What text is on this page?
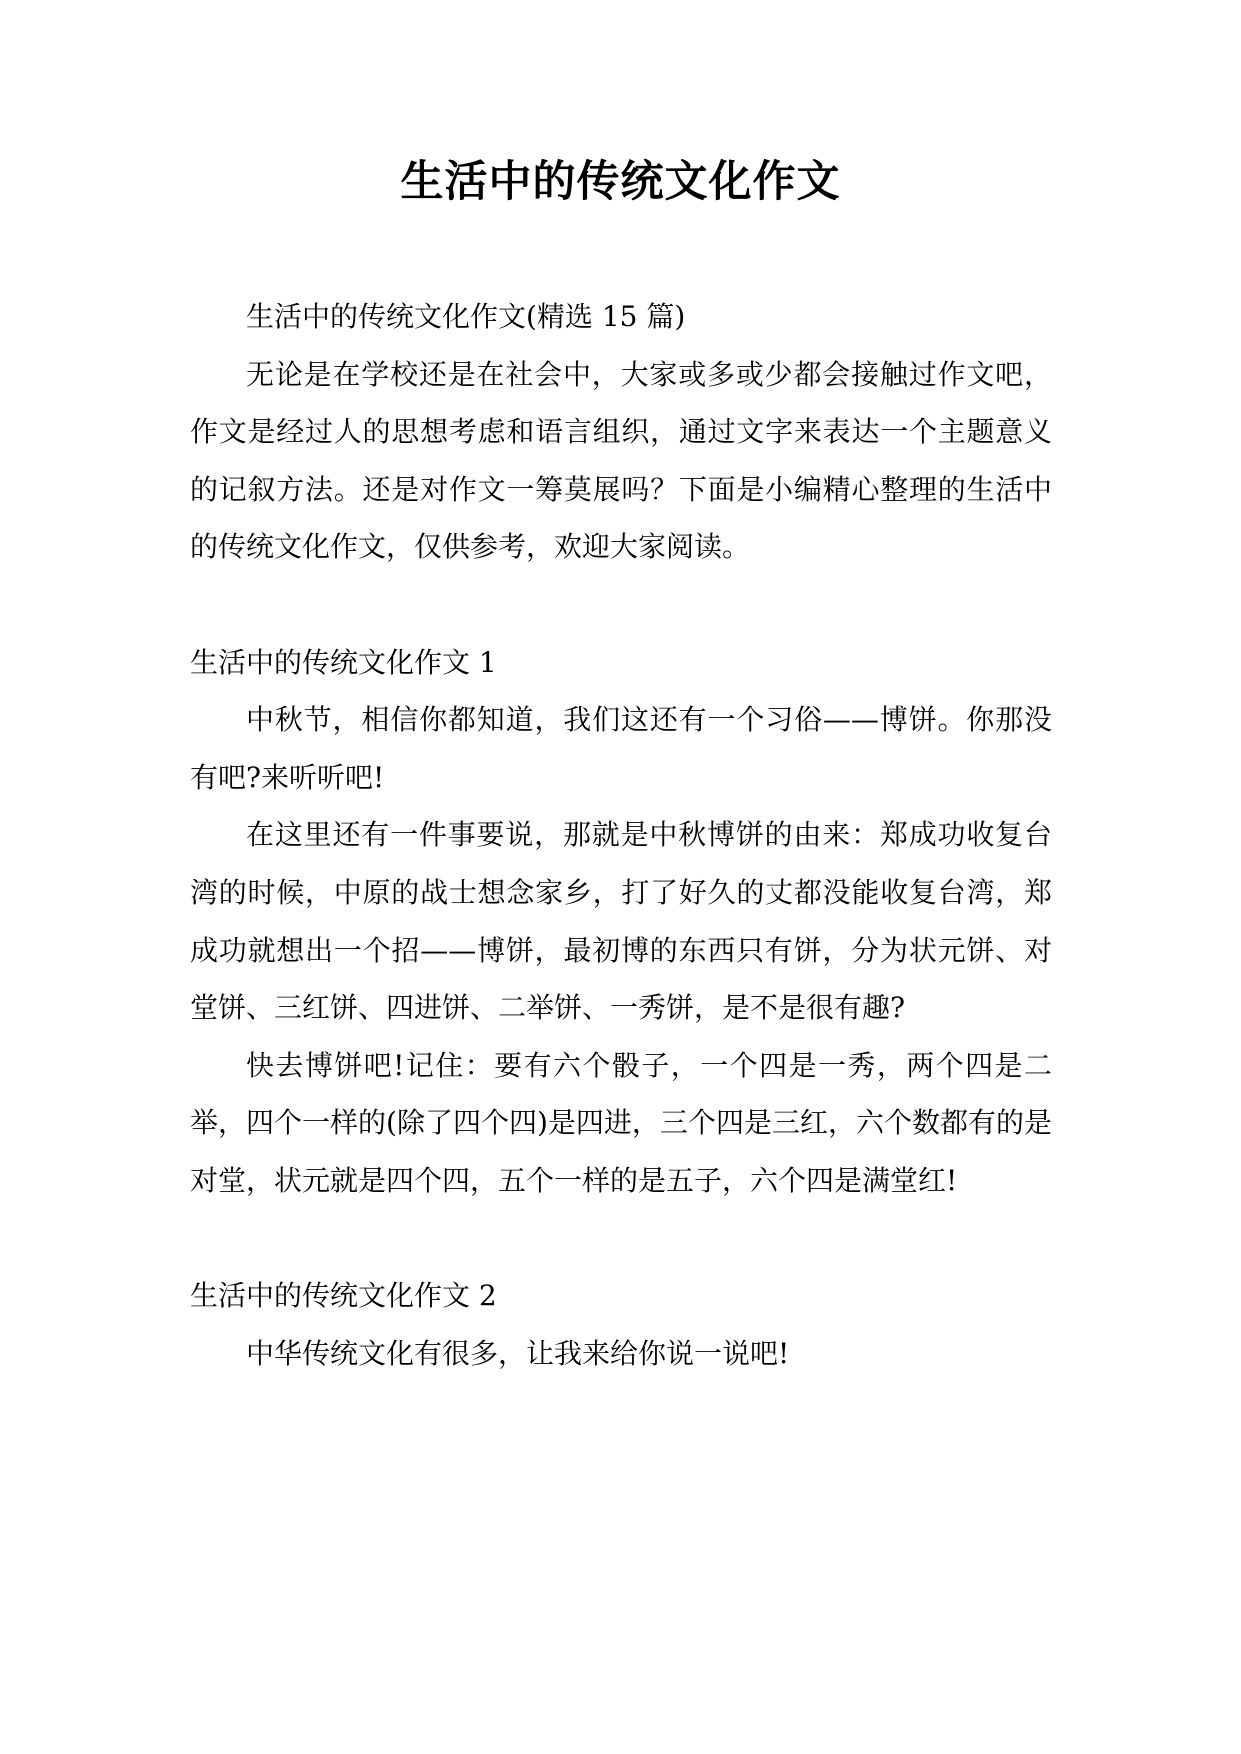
生活中的传统文化作文

生活中的传统文化作文(精选 15 篇)

无论是在学校还是在社会中，大家或多或少都会接触过作文吧，作文是经过人的思想考虑和语言组织，通过文字来表达一个主题意义的记叙方法。还是对作文一筹莫展吗？下面是小编精心整理的生活中的传统文化作文，仅供参考，欢迎大家阅读。

生活中的传统文化作文 1

中秋节，相信你都知道，我们这还有一个习俗——博饼。你那没有吧?来听听吧!

在这里还有一件事要说，那就是中秋博饼的由来：郑成功收复台湾的时候，中原的战士想念家乡，打了好久的丈都没能收复台湾，郑成功就想出一个招——博饼，最初博的东西只有饼，分为状元饼、对堂饼、三红饼、四进饼、二举饼、一秀饼，是不是很有趣?

快去博饼吧!记住：要有六个骰子，一个四是一秀，两个四是二举，四个一样的(除了四个四)是四进，三个四是三红，六个数都有的是对堂，状元就是四个四，五个一样的是五子，六个四是满堂红!

生活中的传统文化作文 2

中华传统文化有很多，让我来给你说一说吧!
